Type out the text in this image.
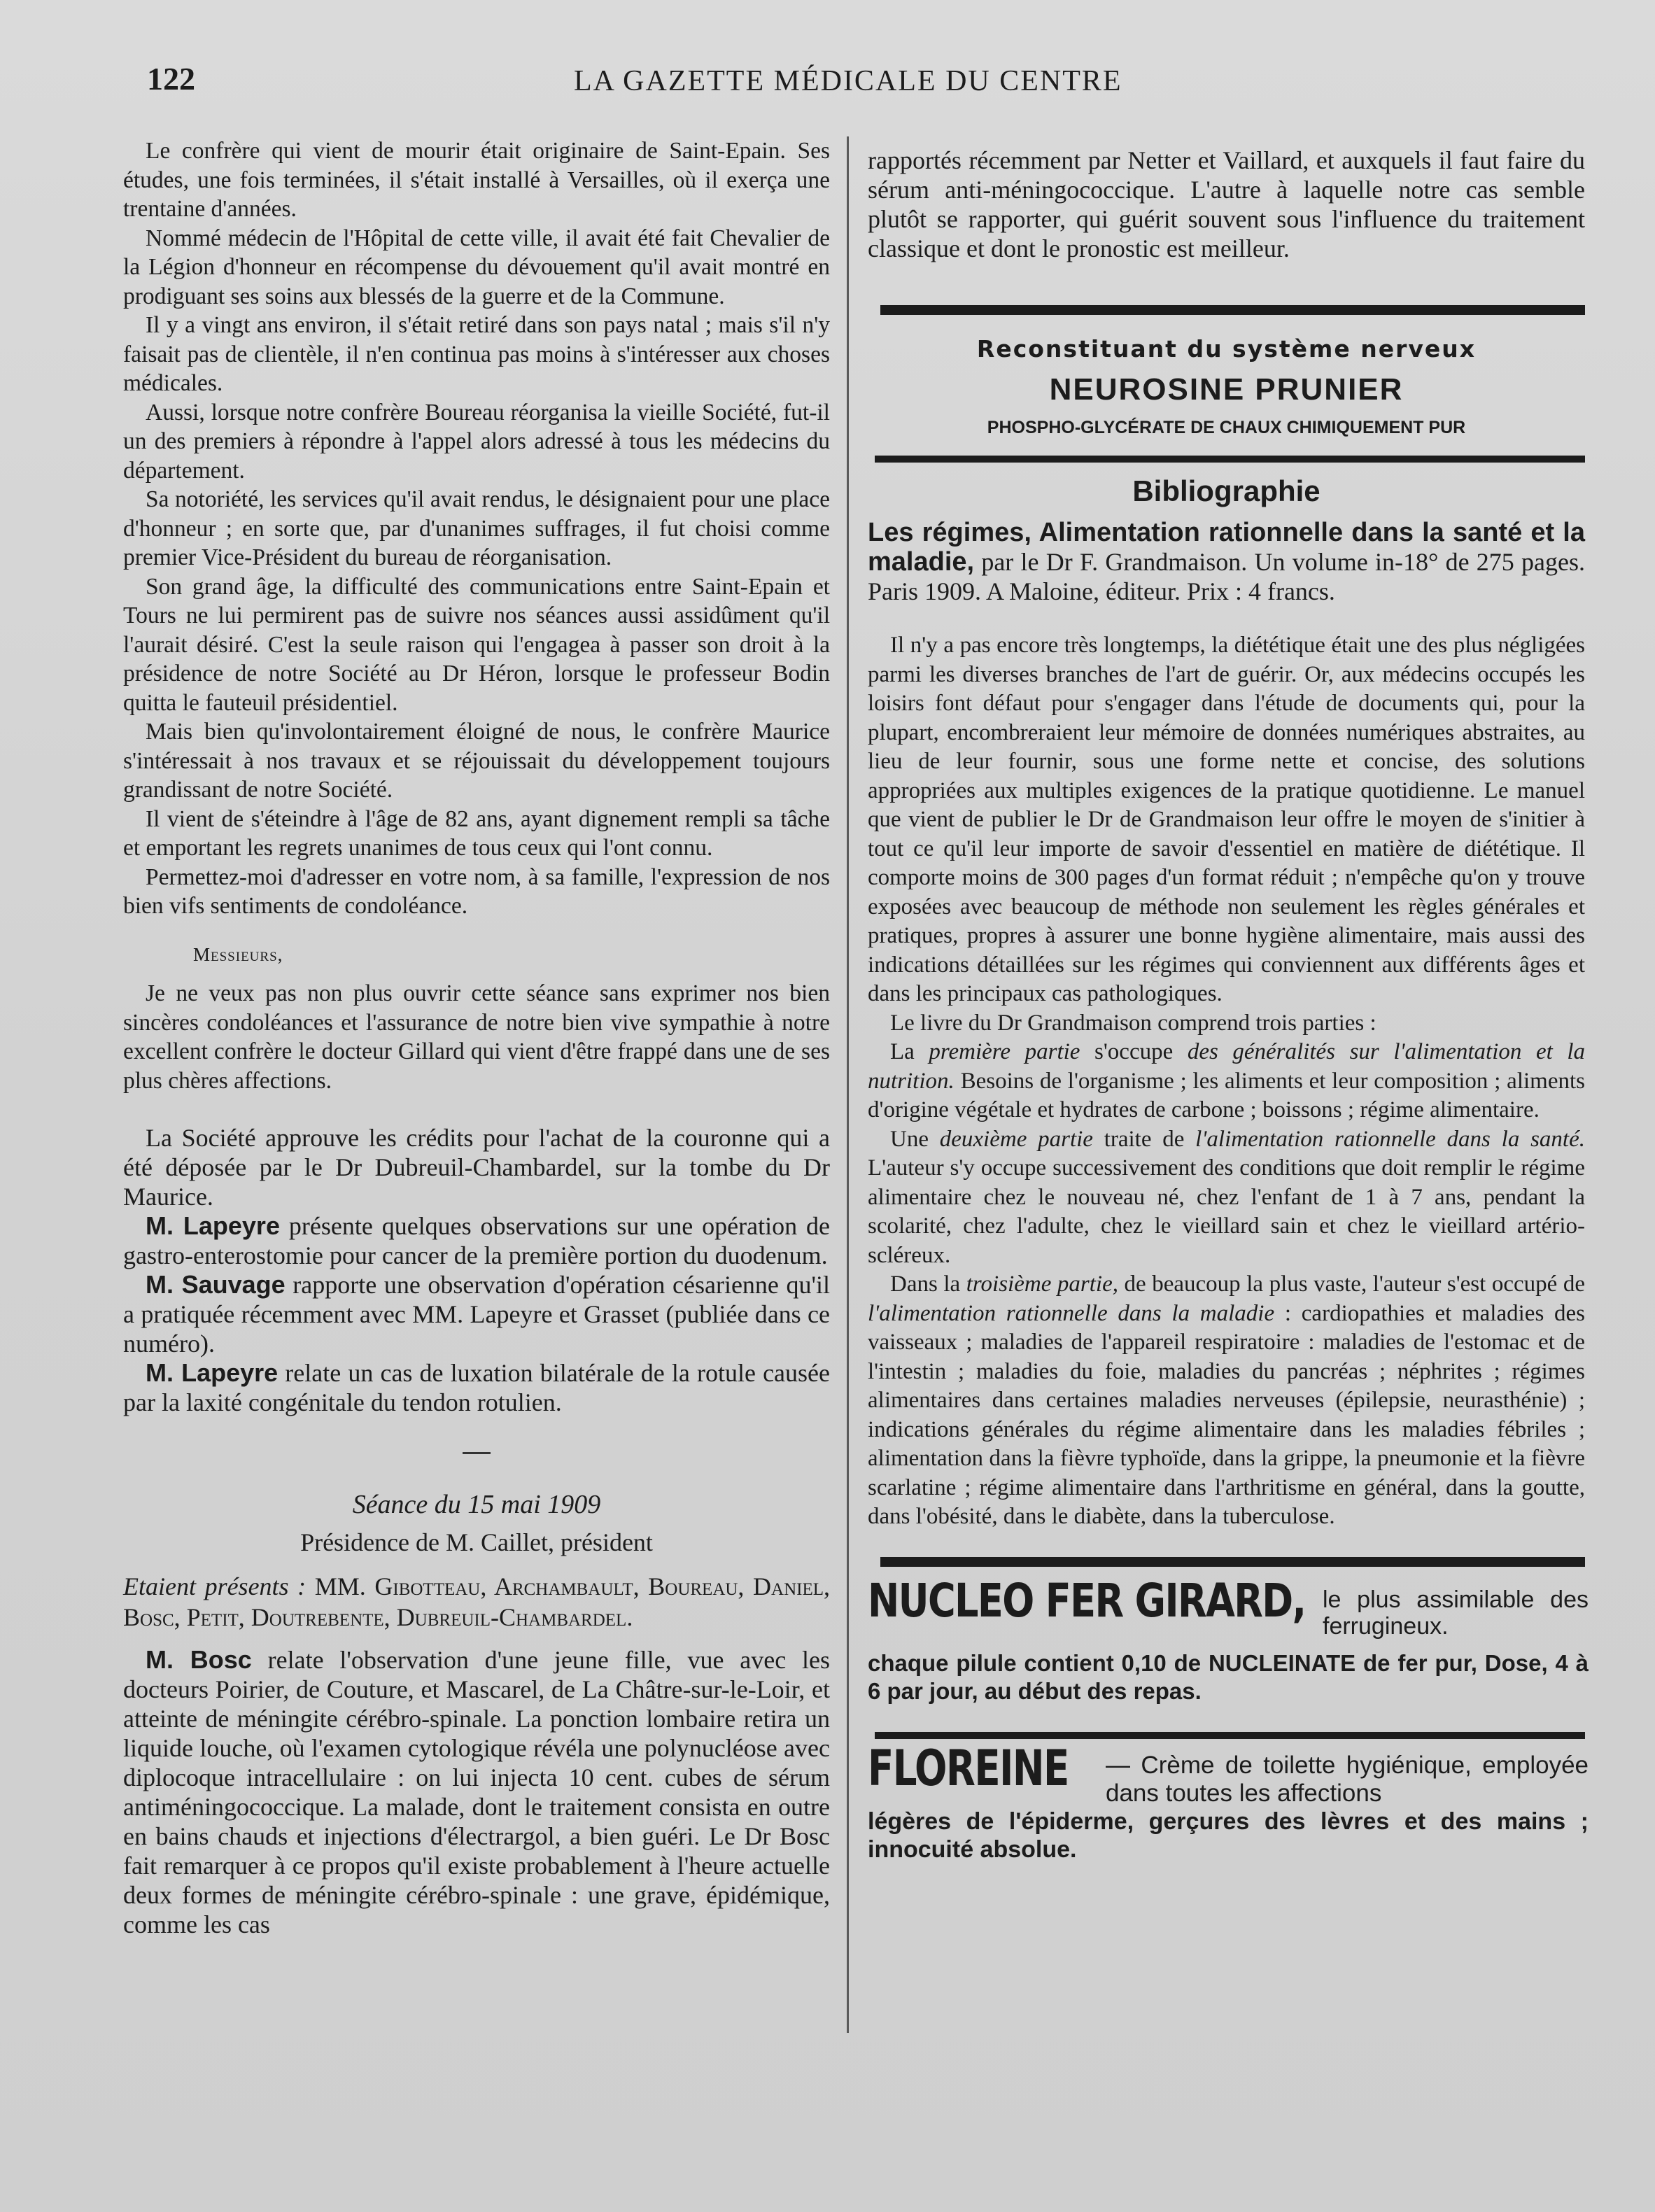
122	LA GAZETTE MÉDICALE DU CENTRE

Le confrère qui vient de mourir était originaire de Saint-Epain. Ses études, une fois terminées, il s'était installé à Versailles, où il exerça une trentaine d'années.

Nommé médecin de l'Hôpital de cette ville, il avait été fait Chevalier de la Légion d'honneur en récompense du dévouement qu'il avait montré en prodiguant ses soins aux blessés de la guerre et de la Commune.

Il y a vingt ans environ, il s'était retiré dans son pays natal ; mais s'il n'y faisait pas de clientèle, il n'en continua pas moins à s'intéresser aux choses médicales.

Aussi, lorsque notre confrère Boureau réorganisa la vieille Société, fut-il un des premiers à répondre à l'appel alors adressé à tous les médecins du département.

Sa notoriété, les services qu'il avait rendus, le désignaient pour une place d'honneur ; en sorte que, par d'unanimes suffrages, il fut choisi comme premier Vice-Président du bureau de réorganisation.

Son grand âge, la difficulté des communications entre Saint-Epain et Tours ne lui permirent pas de suivre nos séances aussi assidûment qu'il l'aurait désiré. C'est la seule raison qui l'engagea à passer son droit à la présidence de notre Société au Dr Héron, lorsque le professeur Bodin quitta le fauteuil présidentiel.

Mais bien qu'involontairement éloigné de nous, le confrère Maurice s'intéressait à nos travaux et se réjouissait du développement toujours grandissant de notre Société.

Il vient de s'éteindre à l'âge de 82 ans, ayant dignement rempli sa tâche et emportant les regrets unanimes de tous ceux qui l'ont connu.

Permettez-moi d'adresser en votre nom, à sa famille, l'expression de nos bien vifs sentiments de condoléance.

Messieurs,

Je ne veux pas non plus ouvrir cette séance sans exprimer nos bien sincères condoléances et l'assurance de notre bien vive sympathie à notre excellent confrère le docteur Gillard qui vient d'être frappé dans une de ses plus chères affections.

La Société approuve les crédits pour l'achat de la couronne qui a été déposée par le Dr Dubreuil-Chambardel, sur la tombe du Dr Maurice.

M. Lapeyre présente quelques observations sur une opération de gastro-enterostomie pour cancer de la première portion du duodenum.

M. Sauvage rapporte une observation d'opération césarienne qu'il a pratiquée récemment avec MM. Lapeyre et Grasset (publiée dans ce numéro).

M. Lapeyre relate un cas de luxation bilatérale de la rotule causée par la laxité congénitale du tendon rotulien.

Séance du 15 mai 1909
Présidence de M. Caillet, président
Etaient présents : MM. Gibotteau, Archambault, Boureau, Daniel, Bosc, Petit, Doutrebente, Dubreuil-Chambardel.

M. Bosc relate l'observation d'une jeune fille, vue avec les docteurs Poirier, de Couture, et Mascarel, de La Châtre-sur-le-Loir, et atteinte de méningite cérébro-spinale. La ponction lombaire retira un liquide louche, où l'examen cytologique révéla une polynucléose avec diplocoque intracellulaire : on lui injecta 10 cent. cubes de sérum antiméningococcique. La malade, dont le traitement consista en outre en bains chauds et injections d'électrargol, a bien guéri. Le Dr Bosc fait remarquer à ce propos qu'il existe probablement à l'heure actuelle deux formes de méningite cérébro-spinale : une grave, épidémique, comme les cas

rapportés récemment par Netter et Vaillard, et auxquels il faut faire du sérum anti-méningococcique. L'autre à laquelle notre cas semble plutôt se rapporter, qui guérit souvent sous l'influence du traitement classique et dont le pronostic est meilleur.

Reconstituant du système nerveux
NEUROSINE PRUNIER
PHOSPHO-GLYCÉRATE DE CHAUX CHIMIQUEMENT PUR
Bibliographie
Les régimes, Alimentation rationnelle dans la santé et la maladie, par le Dr F. Grandmaison. Un volume in-18° de 275 pages. Paris 1909. A Maloine, éditeur. Prix : 4 francs.

Il n'y a pas encore très longtemps, la diététique était une des plus négligées parmi les diverses branches de l'art de guérir. Or, aux médecins occupés les loisirs font défaut pour s'engager dans l'étude de documents qui, pour la plupart, encombreraient leur mémoire de données numériques abstraites, au lieu de leur fournir, sous une forme nette et concise, des solutions appropriées aux multiples exigences de la pratique quotidienne. Le manuel que vient de publier le Dr de Grandmaison leur offre le moyen de s'initier à tout ce qu'il leur importe de savoir d'essentiel en matière de diététique. Il comporte moins de 300 pages d'un format réduit ; n'empêche qu'on y trouve exposées avec beaucoup de méthode non seulement les règles générales et pratiques, propres à assurer une bonne hygiène alimentaire, mais aussi des indications détaillées sur les régimes qui conviennent aux différents âges et dans les principaux cas pathologiques.

Le livre du Dr Grandmaison comprend trois parties :

La première partie s'occupe des généralités sur l'alimentation et la nutrition. Besoins de l'organisme ; les aliments et leur composition ; aliments d'origine végétale et hydrates de carbone ; boissons ; régime alimentaire.

Une deuxième partie traite de l'alimentation rationnelle dans la santé. L'auteur s'y occupe successivement des conditions que doit remplir le régime alimentaire chez le nouveau né, chez l'enfant de 1 à 7 ans, pendant la scolarité, chez l'adulte, chez le vieillard sain et chez le vieillard artério-scléreux.

Dans la troisième partie, de beaucoup la plus vaste, l'auteur s'est occupé de l'alimentation rationnelle dans la maladie : cardiopathies et maladies des vaisseaux ; maladies de l'appareil respiratoire : maladies de l'estomac et de l'intestin ; maladies du foie, maladies du pancréas ; néphrites ; régimes alimentaires dans certaines maladies nerveuses (épilepsie, neurasthénie) ; indications générales du régime alimentaire dans les maladies fébriles ; alimentation dans la fièvre typhoïde, dans la grippe, la pneumonie et la fièvre scarlatine ; régime alimentaire dans l'arthritisme en général, dans la goutte, dans l'obésité, dans le diabète, dans la tuberculose.

NUCLEO FER GIRARD, le plus assimilable des ferrugineux.
chaque pilule contient 0,10 de NUCLEINATE de fer pur, Dose, 4 à 6 par jour, au début des repas.
FLOREINE — Crème de toilette hygiénique, employée dans toutes les affections
légères de l'épiderme, gerçures des lèvres et des mains ; innocuité absolue.
